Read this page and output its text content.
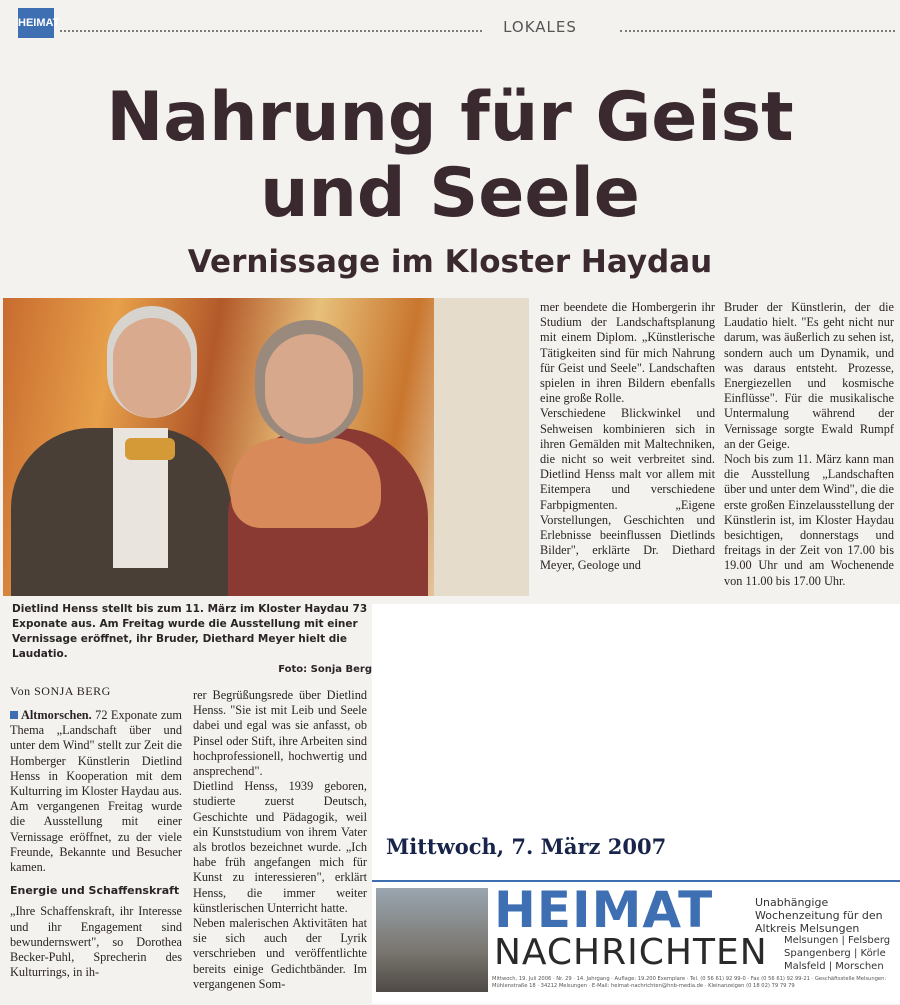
HEIMAT	LOKALES
Nahrung für Geist
und Seele
Vernissage im Kloster Haydau
Dietlind Henss stellt bis zum 11. März im Kloster Haydau 73 Exponate aus. Am Freitag wurde die Ausstellung mit einer Vernissage eröffnet, ihr Bruder, Diethard Meyer hielt die Laudatio.
Foto: Sonja Berg

mer beendete die Hombergerin ihr Studium der Landschaftsplanung mit einem Diplom. „Künstlerische Tätigkeiten sind für mich Nahrung für Geist und Seele". Landschaften spielen in ihren Bildern ebenfalls eine große Rolle.

Verschiedene Blickwinkel und Sehweisen kombinieren sich in ihren Gemälden mit Maltechniken, die nicht so weit verbreitet sind. Dietlind Henss malt vor allem mit Eitempera und verschiedene Farbpigmenten. „Eigene Vorstellungen, Geschichten und Erlebnisse beeinflussen Dietlinds Bilder", erklärte Dr. Diethard Meyer, Geologe und

Bruder der Künstlerin, der die Laudatio hielt. "Es geht nicht nur darum, was äußerlich zu sehen ist, sondern auch um Dynamik, und was daraus entsteht. Prozesse, Energiezellen und kosmische Einflüsse". Für die musikalische Untermalung während der Vernissage sorgte Ewald Rumpf an der Geige.

Noch bis zum 11. März kann man die Ausstellung „Landschaften über und unter dem Wind", die die erste großen Einzelausstellung der Künstlerin ist, im Kloster Haydau besichtigen, donnerstags und freitags in der Zeit von 17.00 bis 19.00 Uhr und am Wochenende von 11.00 bis 17.00 Uhr.

Von SONJA BERG

Altmorschen. 72 Exponate zum Thema „Landschaft über und unter dem Wind" stellt zur Zeit die Homberger Künstlerin Dietlind Henss in Kooperation mit dem Kulturring im Kloster Haydau aus. Am vergangenen Freitag wurde die Ausstellung mit einer Vernissage eröffnet, zu der viele Freunde, Bekannte und Besucher kamen.

Energie und Schaffenskraft

„Ihre Schaffenskraft, ihr Interesse und ihr Engagement sind bewundernswert", so Dorothea Becker-Puhl, Sprecherin des Kulturrings, in ih-

rer Begrüßungsrede über Dietlind Henss. "Sie ist mit Leib und Seele dabei und egal was sie anfasst, ob Pinsel oder Stift, ihre Arbeiten sind hochprofessionell, hochwertig und ansprechend".

Dietlind Henss, 1939 geboren, studierte zuerst Deutsch, Geschichte und Pädagogik, weil ein Kunststudium von ihrem Vater als brotlos bezeichnet wurde. „Ich habe früh angefangen mich für Kunst zu interessieren", erklärt Henss, die immer weiter künstlerischen Unterricht hatte.

Neben malerischen Aktivitäten hat sie sich auch der Lyrik verschrieben und veröffentlichte bereits einige Gedichtbänder. Im vergangenen Som-

Mittwoch, 7. März 2007
HEIMAT
NACHRICHTEN
Unabhängige Wochenzeitung für den Altkreis Melsungen
Melsungen | Felsberg Spangenberg | Körle Malsfeld | Morschen
Mittwoch, 19. Juli 2006 · Nr. 29 · 14. Jahrgang · Auflage: 19.200 Exemplare · Tel. (0 56 61) 92 99-0 · Fax (0 56 61) 92 99-21 · Geschäftsstelle Melsungen: Mühlenstraße 18 · 34212 Melsungen · E-Mail: heimat-nachrichten@hnb-media.de · Kleinanzeigen (0 18 02) 79 79 79
